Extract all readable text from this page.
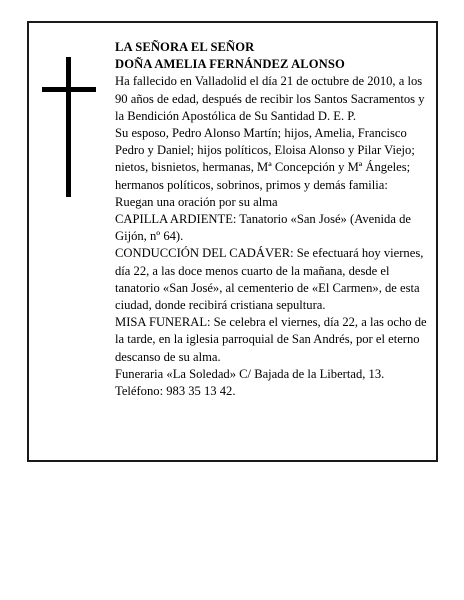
LA SEÑORA EL SEÑOR

DOÑA AMELIA FERNÁNDEZ ALONSO

Ha fallecido en Valladolid el día 21 de octubre de 2010, a los 90 años de edad, después de recibir los Santos Sacramentos y la Bendición Apostólica de Su Santidad D. E. P.

Su esposo, Pedro Alonso Martín; hijos, Amelia, Francisco Pedro y Daniel; hijos políticos, Eloisa Alonso y Pilar Viejo; nietos, bisnietos, hermanas, Mª Concepción y Mª Ángeles; hermanos políticos, sobrinos, primos y demás familia:

Ruegan una oración por su alma

CAPILLA ARDIENTE: Tanatorio «San José» (Avenida de Gijón, nº 64).

CONDUCCIÓN DEL CADÁVER: Se efectuará hoy viernes, día 22, a las doce menos cuarto de la mañana, desde el tanatorio «San José», al cementerio de «El Carmen», de esta ciudad, donde recibirá cristiana sepultura.

MISA FUNERAL: Se celebra el viernes, día 22, a las ocho de la tarde, en la iglesia parroquial de San Andrés, por el eterno descanso de su alma.

Funeraria «La Soledad» C/ Bajada de la Libertad, 13. Teléfono: 983 35 13 42.
